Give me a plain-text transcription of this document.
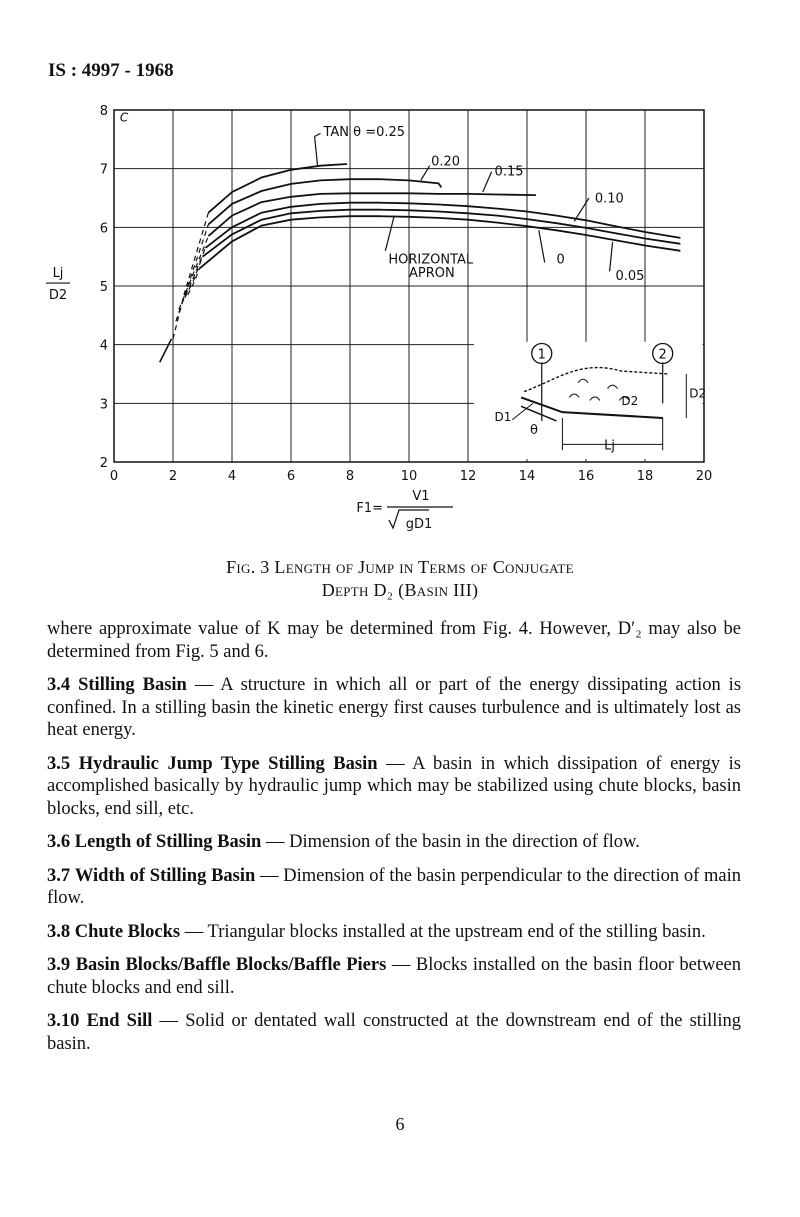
IS : 4997 - 1968
0	2	4	6	8	10	12	14	16	18	20
2
3
4
5
6
7
8
TAN θ =0.25
0.20
0.15
0.10
HORIZONTAL
APRON
0
0.05
C
1	2
D2
D2
D1
θ
Lj
V1
F1=
gD1
Lj
D2
Fig. 3 Length of Jump in Terms of Conjugate
Depth D₂ (Basin III)

where approximate value of K may be determined from Fig. 4. However, D′₂ may also be determined from Fig. 5 and 6.

3.4 Stilling Basin — A structure in which all or part of the energy dissipating action is confined. In a stilling basin the kinetic energy first causes turbulence and is ultimately lost as heat energy.

3.5 Hydraulic Jump Type Stilling Basin — A basin in which dissipation of energy is accomplished basically by hydraulic jump which may be stabilized using chute blocks, basin blocks, end sill, etc.

3.6 Length of Stilling Basin — Dimension of the basin in the direction of flow.

3.7 Width of Stilling Basin — Dimension of the basin perpendicular to the direction of main flow.

3.8 Chute Blocks — Triangular blocks installed at the upstream end of the stilling basin.

3.9 Basin Blocks/Baffle Blocks/Baffle Piers — Blocks installed on the basin floor between chute blocks and end sill.

3.10 End Sill — Solid or dentated wall constructed at the downstream end of the stilling basin.

6
